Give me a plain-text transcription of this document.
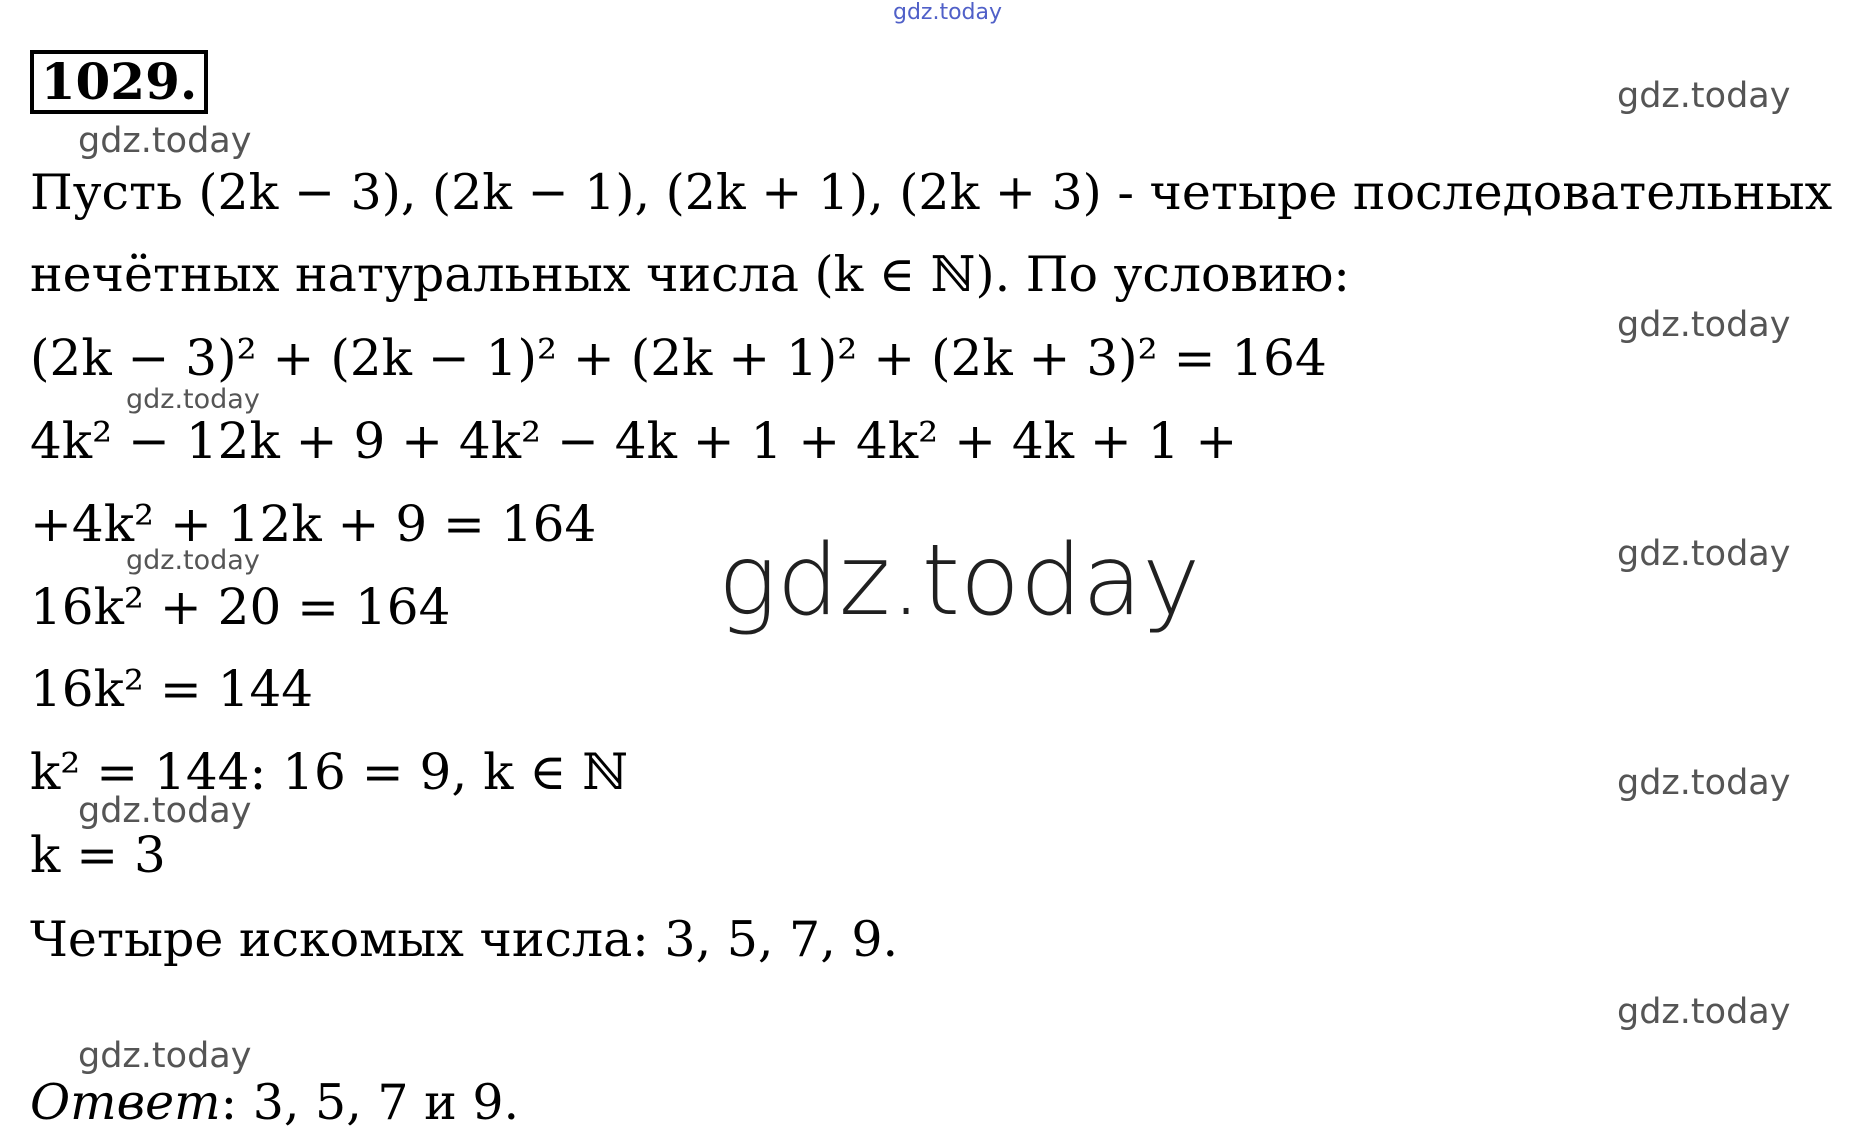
1029.
Пусть (2k − 3), (2k − 1), (2k + 1), (2k + 3) - четыре последовательных
нечётных натуральных числа (k ∈ ℕ). По условию:
(2k − 3)² + (2k − 1)² + (2k + 1)² + (2k + 3)² = 164
4k² − 12k + 9 + 4k² − 4k + 1 + 4k² + 4k + 1 +
+4k² + 12k + 9 = 164
16k² + 20 = 164
16k² = 144
k² = 144: 16 = 9, k ∈ ℕ
k = 3
Четыре искомых числа: 3, 5, 7, 9.
Ответ: 3, 5, 7 и 9.
gdz.today
gdz.today
gdz.today
gdz.today
gdz.today
gdz.today	gdz.today
gdz.today
gdz.today
gdz.today
gdz.today
gdz.today
